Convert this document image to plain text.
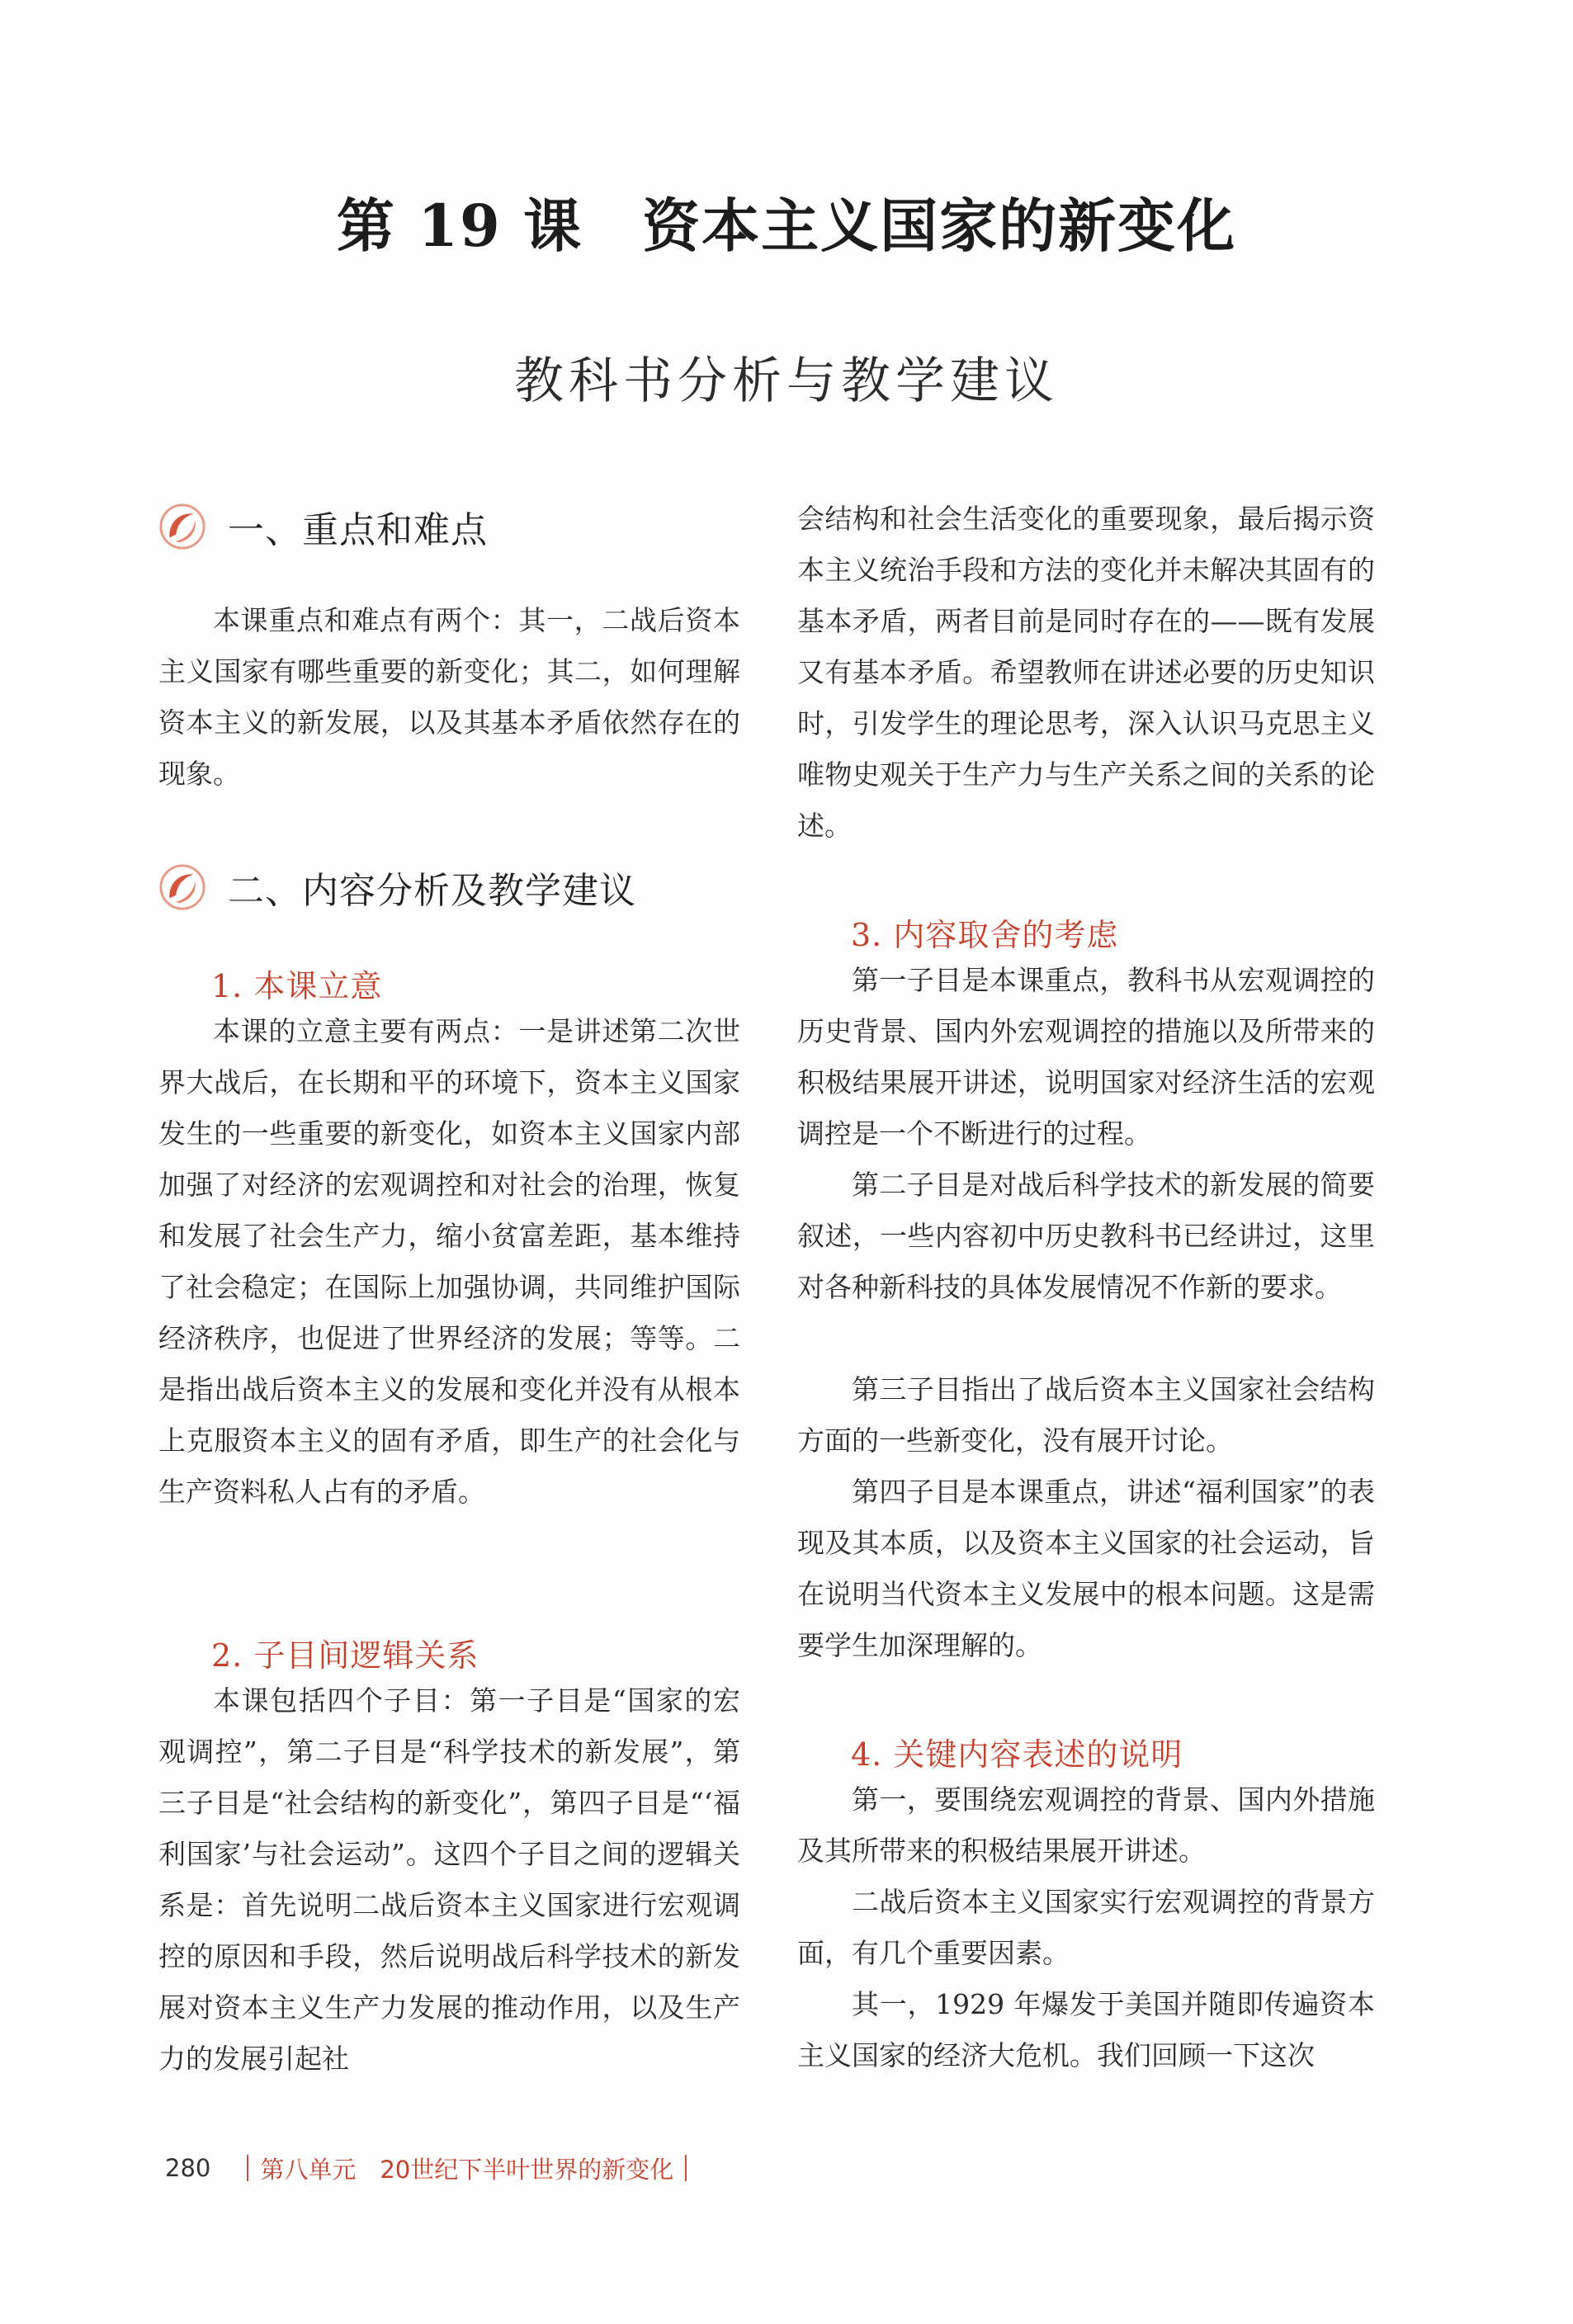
第 19 课　资本主义国家的新变化
教科书分析与教学建议
一、重点和难点

本课重点和难点有两个：其一，二战后资本主义国家有哪些重要的新变化；其二，如何理解资本主义的新发展，以及其基本矛盾依然存在的现象。

二、内容分析及教学建议
1. 本课立意

本课的立意主要有两点：一是讲述第二次世界大战后，在长期和平的环境下，资本主义国家发生的一些重要的新变化，如资本主义国家内部加强了对经济的宏观调控和对社会的治理，恢复和发展了社会生产力，缩小贫富差距，基本维持了社会稳定；在国际上加强协调，共同维护国际经济秩序，也促进了世界经济的发展；等等。二是指出战后资本主义的发展和变化并没有从根本上克服资本主义的固有矛盾，即生产的社会化与生产资料私人占有的矛盾。

2. 子目间逻辑关系

本课包括四个子目：第一子目是“国家的宏观调控”，第二子目是“科学技术的新发展”，第三子目是“社会结构的新变化”，第四子目是“‘福利国家’与社会运动”。这四个子目之间的逻辑关系是：首先说明二战后资本主义国家进行宏观调控的原因和手段，然后说明战后科学技术的新发展对资本主义生产力发展的推动作用，以及生产力的发展引起社

会结构和社会生活变化的重要现象，最后揭示资本主义统治手段和方法的变化并未解决其固有的基本矛盾，两者目前是同时存在的——既有发展又有基本矛盾。希望教师在讲述必要的历史知识时，引发学生的理论思考，深入认识马克思主义唯物史观关于生产力与生产关系之间的关系的论述。

3. 内容取舍的考虑

第一子目是本课重点，教科书从宏观调控的历史背景、国内外宏观调控的措施以及所带来的积极结果展开讲述，说明国家对经济生活的宏观调控是一个不断进行的过程。

第二子目是对战后科学技术的新发展的简要叙述，一些内容初中历史教科书已经讲过，这里对各种新科技的具体发展情况不作新的要求。

第三子目指出了战后资本主义国家社会结构方面的一些新变化，没有展开讨论。

第四子目是本课重点，讲述“福利国家”的表现及其本质，以及资本主义国家的社会运动，旨在说明当代资本主义发展中的根本问题。这是需要学生加深理解的。

4. 关键内容表述的说明

第一，要围绕宏观调控的背景、国内外措施及其所带来的积极结果展开讲述。

二战后资本主义国家实行宏观调控的背景方面，有几个重要因素。

其一，1929 年爆发于美国并随即传遍资本主义国家的经济大危机。我们回顾一下这次

280 第八单元　20世纪下半叶世界的新变化
